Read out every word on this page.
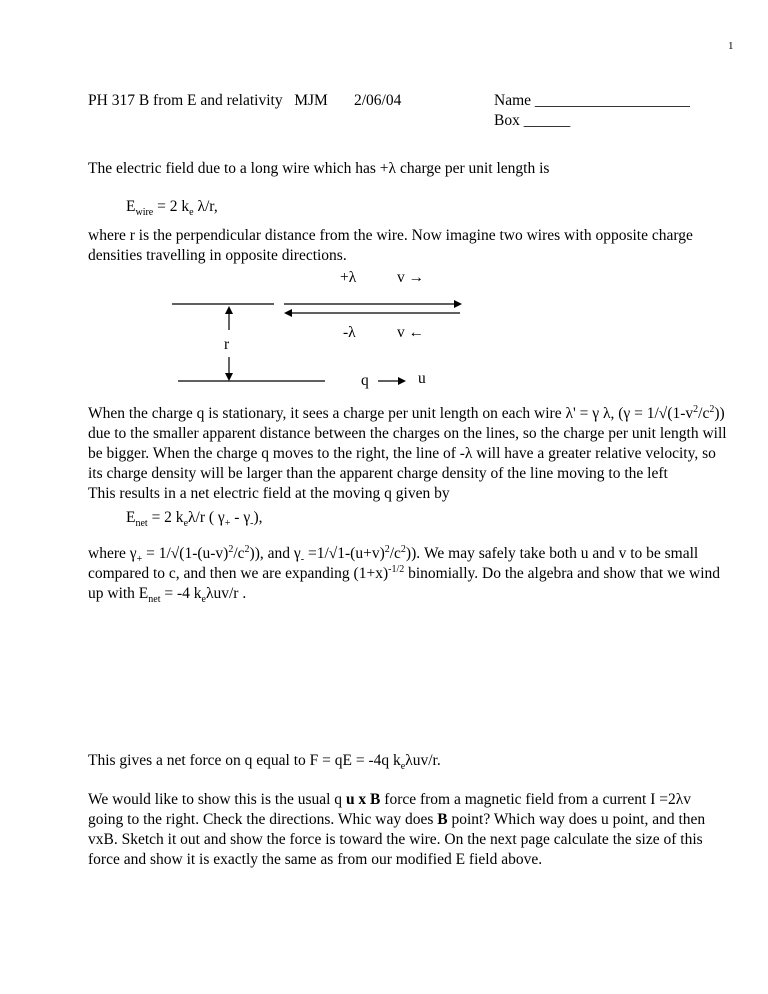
1
PH 317 B from E and relativity MJM 2/06/04	Name ____________________
Box ______
The electric field due to a long wire which has +λ charge per unit length is
$E_{wire} = 2$ $k_e$ λ/r,
where r is the perpendicular distance from the wire. Now imagine two wires with opposite charge densities travelling in opposite directions.
+λ	v →
-λ	v ←
r
q	u
When the charge q is stationary, it sees a charge per unit length on each wire λ' = γ λ, $(\gamma = 1/√(1-v^2/c^2))$ due to the smaller apparent distance between the charges on the lines, so the charge per unit length will be bigger. When the charge q moves to the right, the line of -λ will have a greater relative velocity, so its charge density will be larger than the apparent charge density of the line moving to the left
This results in a net electric field at the moving q given by
$E_{net} = 2$ $k_e\lambda/r$ ( $\gamma_+ - \gamma_-$),
where $\gamma_+ = 1/√(1-(u-v)^2/c^2)$), and $\gamma_- =1/√1-(u+v)^2/c^2$)). We may safely take both u and v to be small compared to c, and then we are expanding $(1+x)^{-1/2}$ binomially. Do the algebra and show that we wind up with $E_{net} = -4$ $k_e\lambda uv/r$ .
This gives a net force on q equal to F = qE = -4q $k_e\lambda uv/r$.
We would like to show this is the usual q u x B force from a magnetic field from a current I =2λv going to the right. Check the directions. Whic way does B point? Which way does u point, and then vxB. Sketch it out and show the force is toward the wire. On the next page calculate the size of this force and show it is exactly the same as from our modified E field above.
